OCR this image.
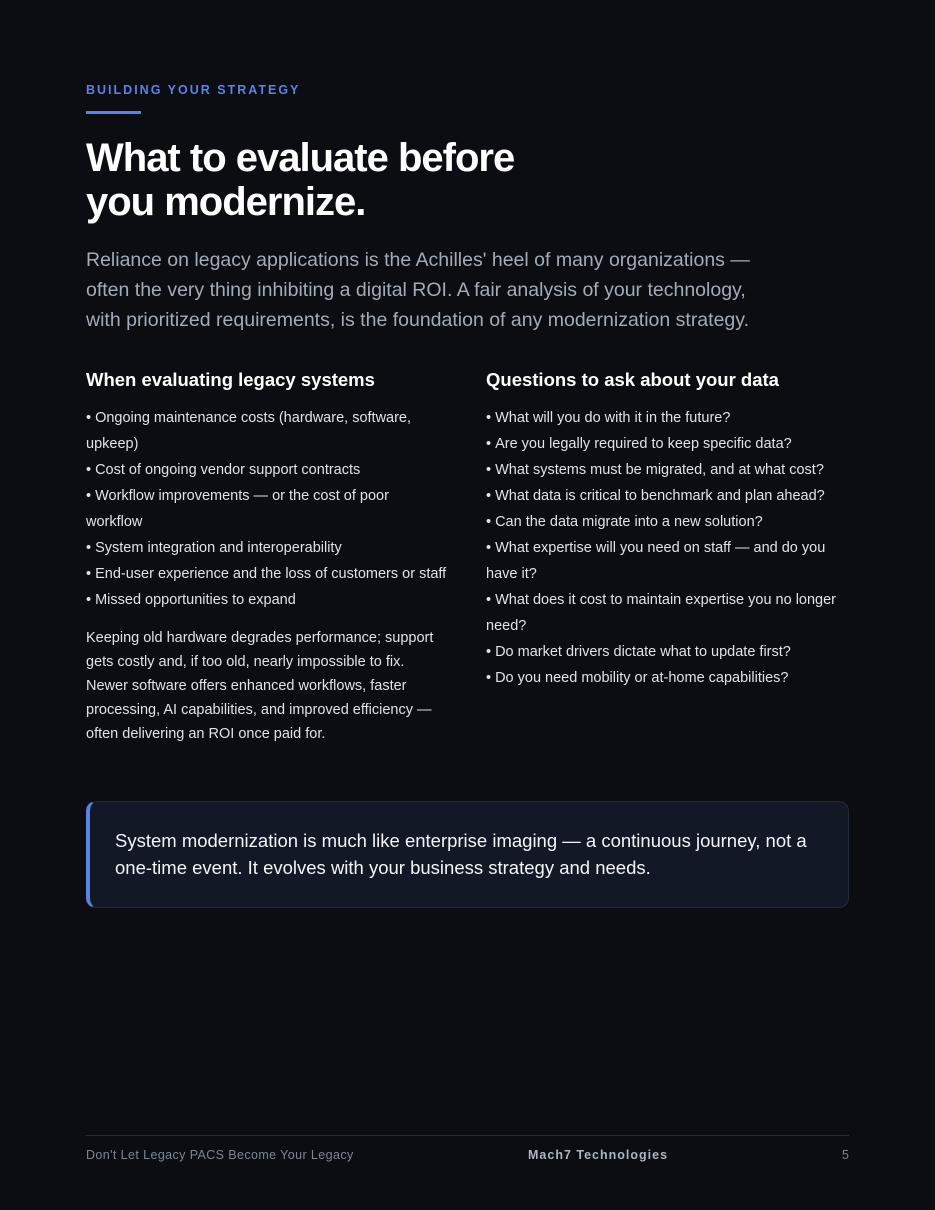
BUILDING YOUR STRATEGY
What to evaluate before
you modernize.

Reliance on legacy applications is the Achilles' heel of many organizations —
often the very thing inhibiting a digital ROI. A fair analysis of your technology,
with prioritized requirements, is the foundation of any modernization strategy.

When evaluating legacy systems
• Ongoing maintenance costs (hardware, software, upkeep)
• Cost of ongoing vendor support contracts
• Workflow improvements — or the cost of poor workflow
• System integration and interoperability
• End-user experience and the loss of customers or staff
• Missed opportunities to expand

Keeping old hardware degrades performance; support gets costly and, if too old, nearly impossible to fix. Newer software offers enhanced workflows, faster processing, AI capabilities, and improved efficiency — often delivering an ROI once paid for.

Questions to ask about your data
• What will you do with it in the future?
• Are you legally required to keep specific data?
• What systems must be migrated, and at what cost?
• What data is critical to benchmark and plan ahead?
• Can the data migrate into a new solution?
• What expertise will you need on staff — and do you have it?
• What does it cost to maintain expertise you no longer need?
• Do market drivers dictate what to update first?
• Do you need mobility or at-home capabilities?

System modernization is much like enterprise imaging — a continuous journey, not a
one-time event. It evolves with your business strategy and needs.

Don't Let Legacy PACS Become Your Legacy	Mach7 Technologies	5
